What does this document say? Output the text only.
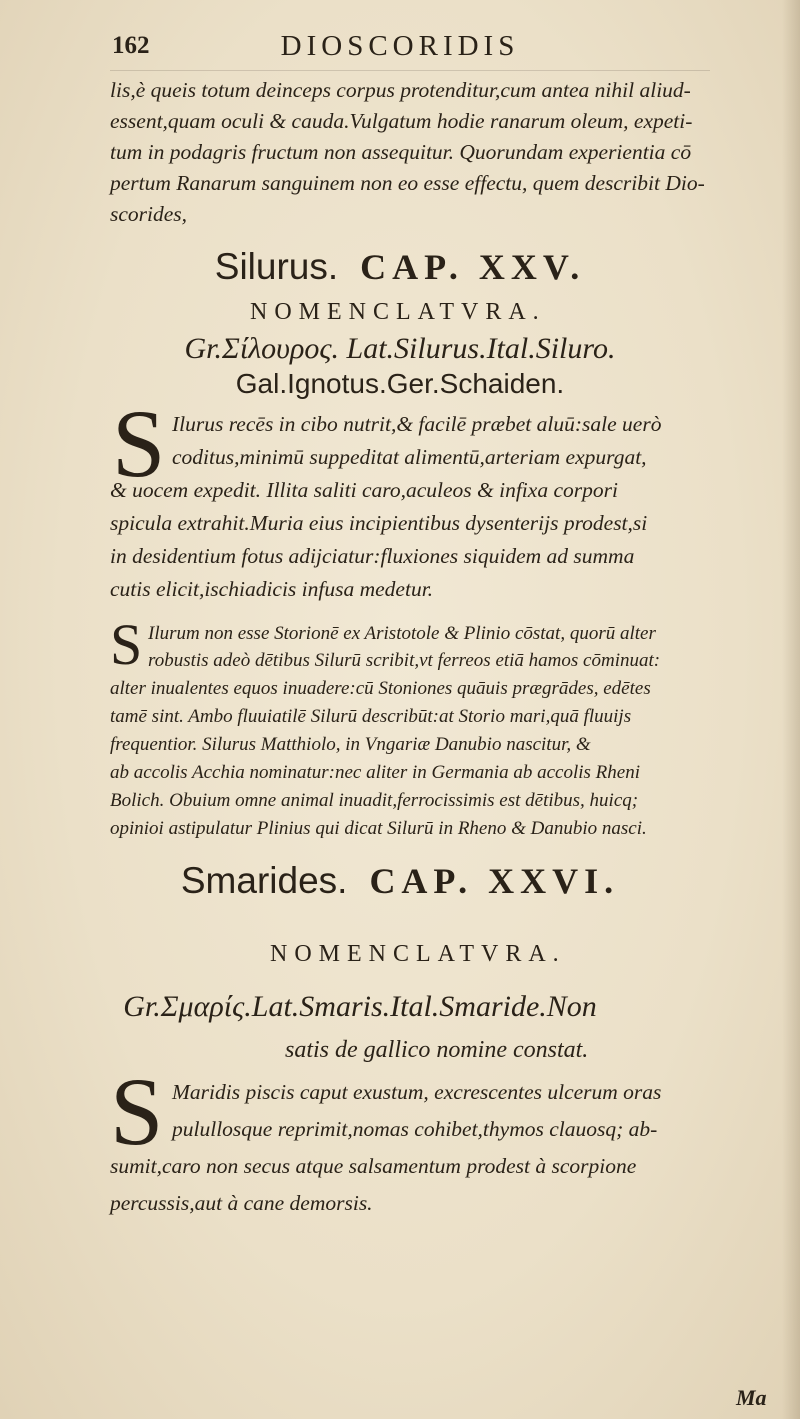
162	DIOSCORIDIS
lis,è queis totum deinceps corpus protenditur,cum antea nihil aliud-
essent,quam oculi & cauda.Vulgatum hodie ranarum oleum, expeti-
tum in podagris fructum non assequitur. Quorundam experientia cō
pertum Ranarum sanguinem non eo esse effectu, quem describit Dio-
scorides,
Silurus. CAP. XXV.
NOMENCLATVRA.
Gr.Σίλουρος. Lat.Silurus.Ital.Siluro.
Gal.Ignotus.Ger.Schaiden.
S Ilurus recēs in cibo nutrit,& facilē præbet aluū:sale uerò
coditus,minimū suppeditat alimentū,arteriam expurgat,
& uocem expedit. Illita saliti caro,aculeos & infixa corpori
spicula extrahit.Muria eius incipientibus dysenterijs prodest,si
in desidentium fotus adijciatur:fluxiones siquidem ad summa
cutis elicit,ischiadicis infusa medetur.
S Ilurum non esse Storionē ex Aristotole & Plinio cōstat, quorū alter
robustis adeò dētibus Silurū scribit,vt ferreos etiā hamos cōminuat:
alter inualentes equos inuadere:cū Stoniones quāuis prægrādes, edētes
tamē sint. Ambo fluuiatilē Silurū describūt:at Storio mari,quā fluuijs
frequentior. Silurus Matthiolo, in Vngariæ Danubio nascitur, &
ab accolis Acchia nominatur:nec aliter in Germania ab accolis Rheni
Bolich. Obuium omne animal inuadit,ferrocissimis est dētibus, huicq;
opinioi astipulatur Plinius qui dicat Silurū in Rheno & Danubio nasci.
Smarides. CAP. XXVI.
NOMENCLATVRA.
Gr.Σμαρίς.Lat.Smaris.Ital.Smaride.Non
satis de gallico nomine constat.
S Maridis piscis caput exustum, excrescentes ulcerum oras
pulullosque reprimit,nomas cohibet,thymos clauosq; ab-
sumit,caro non secus atque salsamentum prodest à scorpione
percussis,aut à cane demorsis.
Ma
